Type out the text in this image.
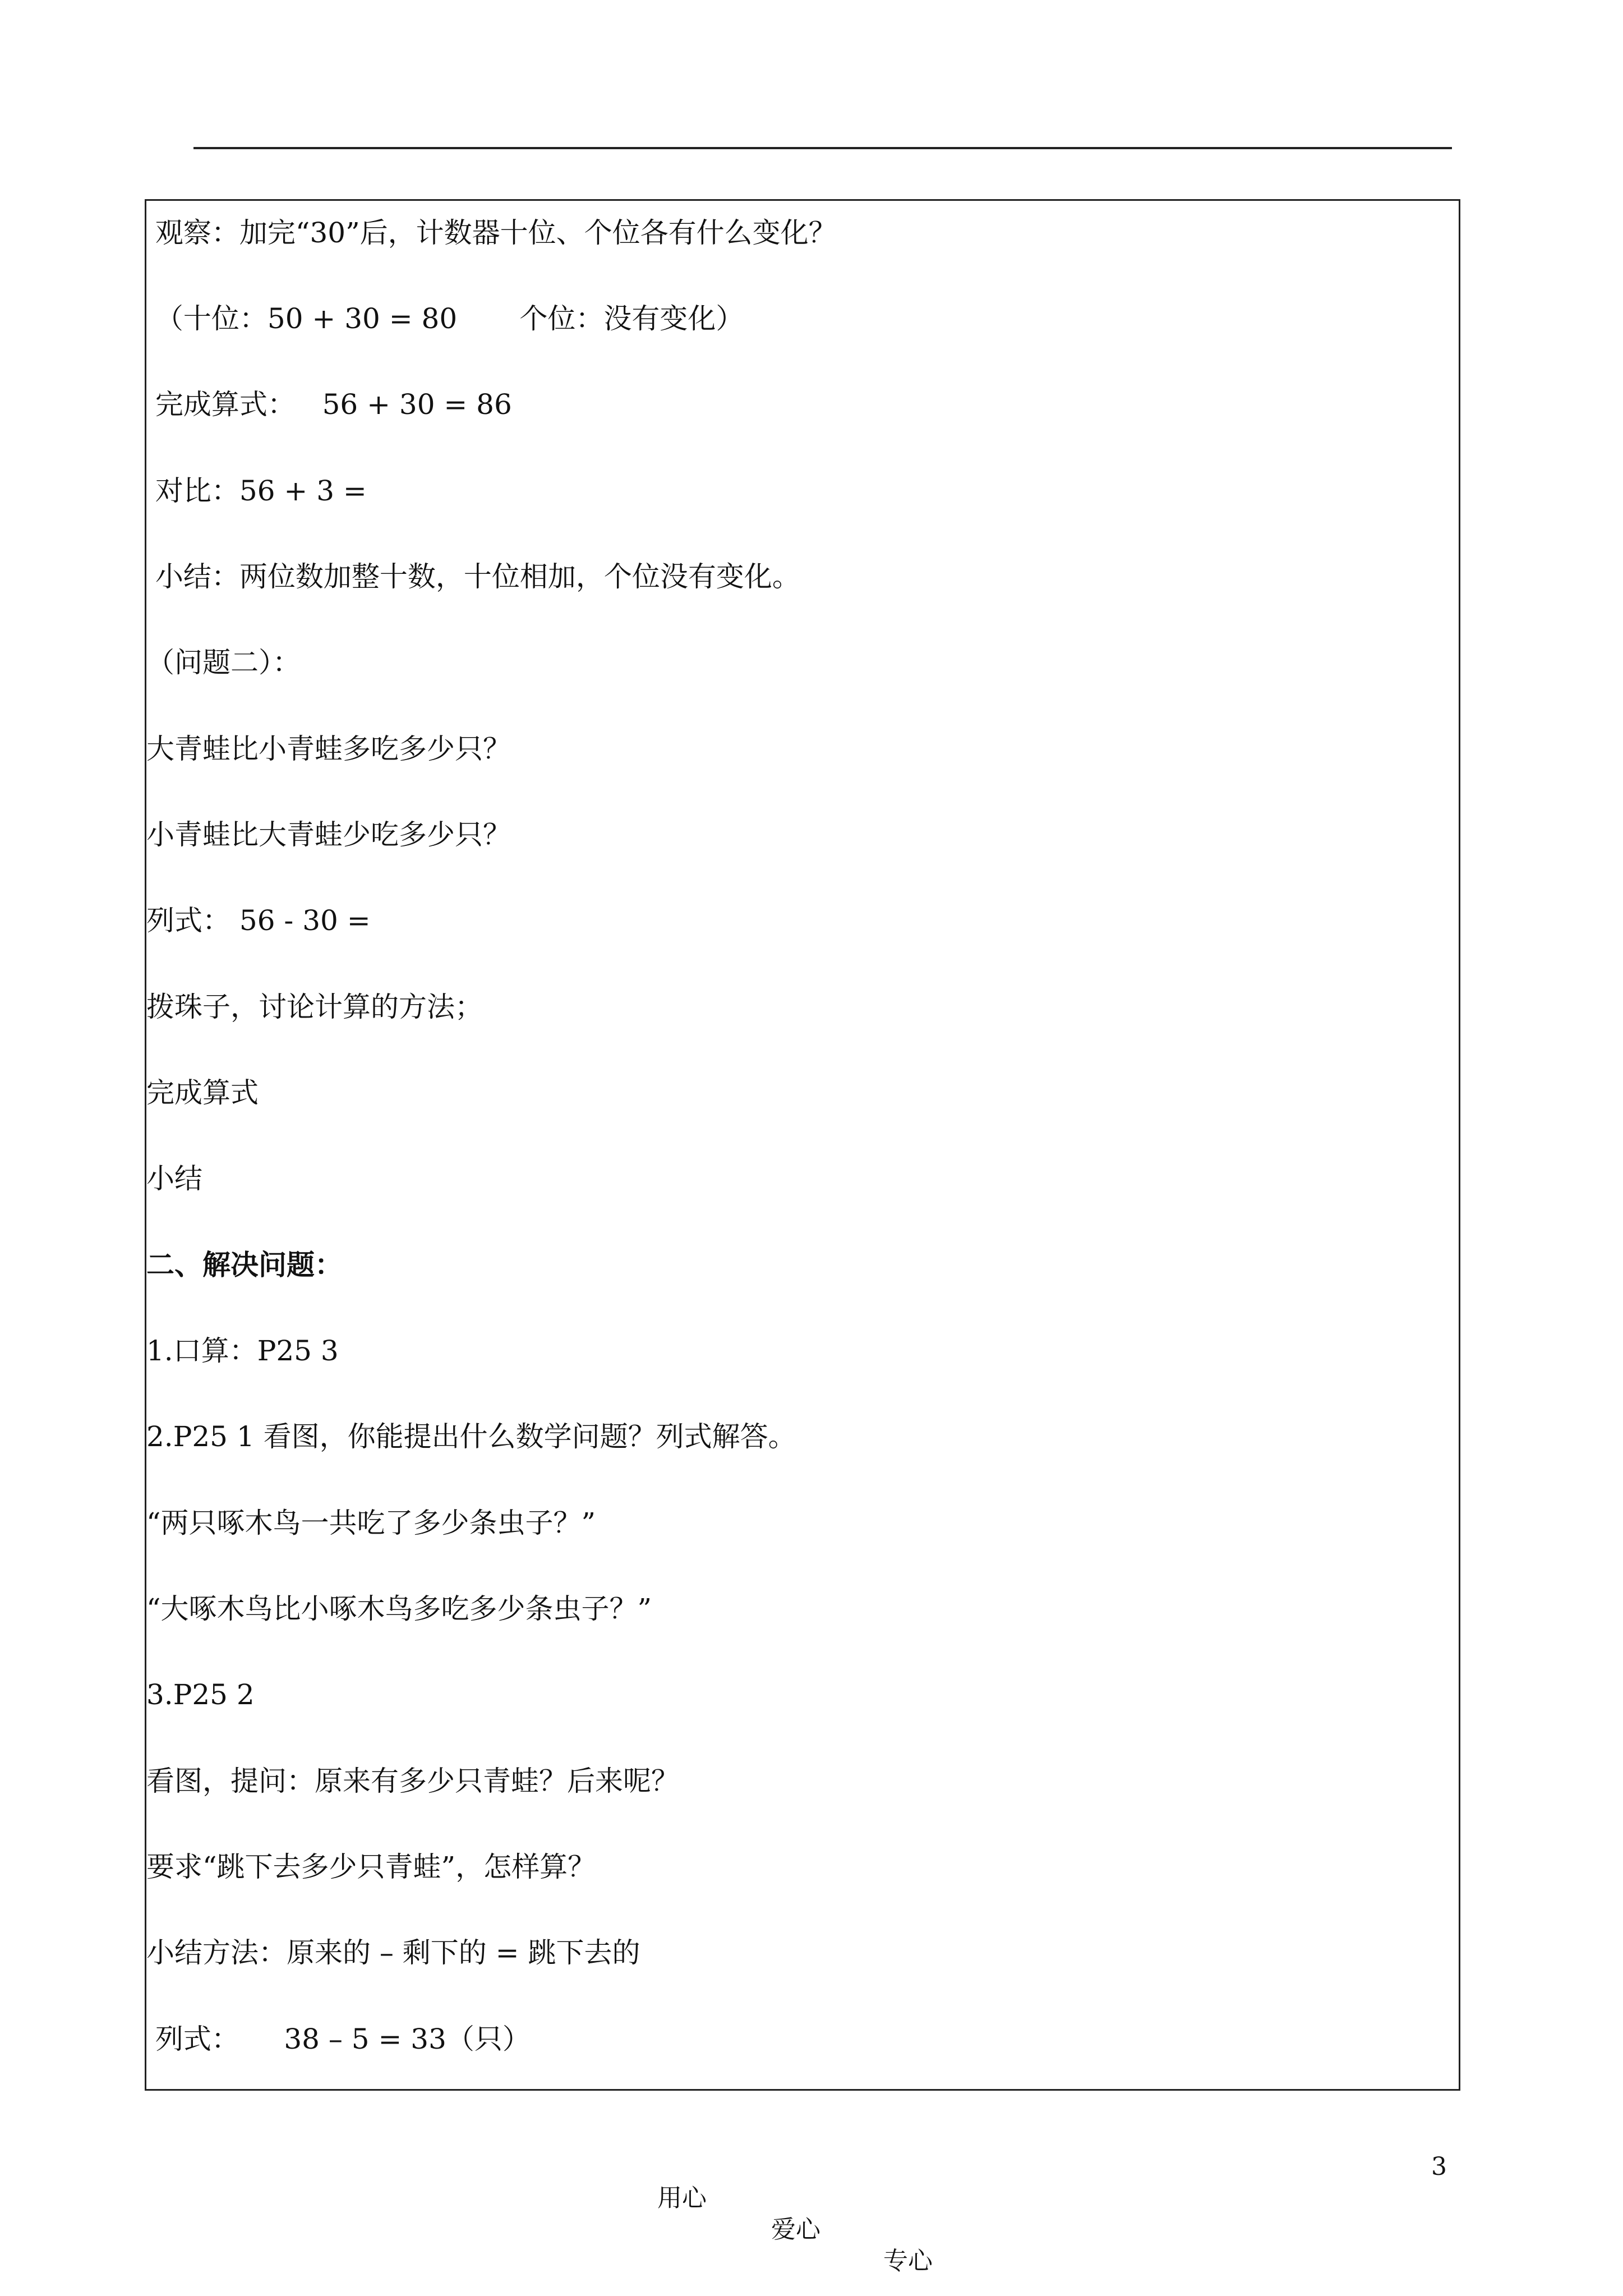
观察：加完“30”后，计数器十位、个位各有什么变化？
（十位：50 + 30 = 80       个位：没有变化）
完成算式：   56 + 30 = 86
对比：56 + 3 =
小结：两位数加整十数，十位相加，个位没有变化。
（问题二）：
大青蛙比小青蛙多吃多少只？
小青蛙比大青蛙少吃多少只？
列式： 56 - 30 =
拨珠子，讨论计算的方法；
完成算式
小结
二、解决问题：
1.口算：P25 3
2.P25 1 看图，你能提出什么数学问题？列式解答。
“两只啄木鸟一共吃了多少条虫子？”
“大啄木鸟比小啄木鸟多吃多少条虫子？”
3.P25 2
看图，提问：原来有多少只青蛙？后来呢？
要求“跳下去多少只青蛙”，怎样算？
小结方法：原来的 – 剩下的 = 跳下去的
列式：     38 – 5 = 33（只）

用心

爱心

专心

3
